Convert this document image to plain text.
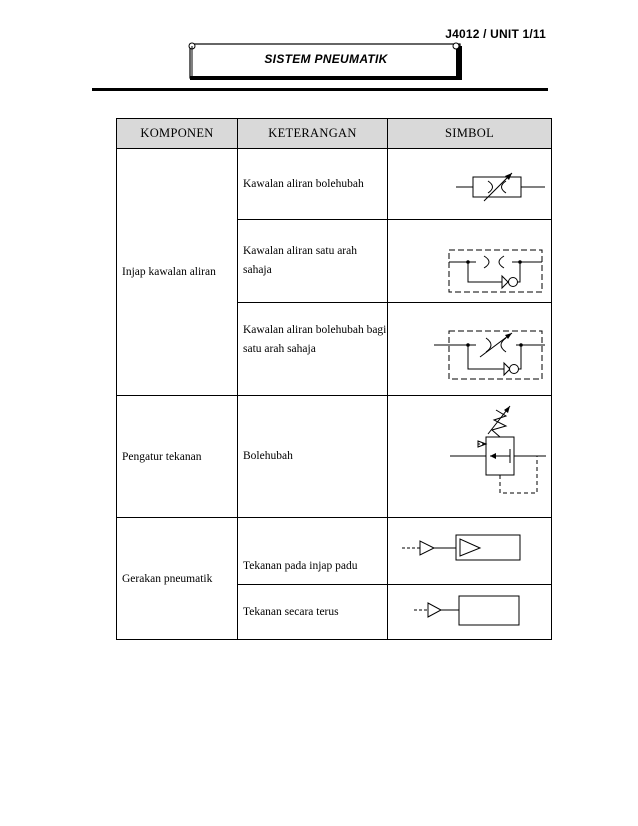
J4012 / UNIT 1/11
SISTEM PNEUMATIK
KOMPONEN	KETERANGAN	SIMBOL
Injap kawalan aliran	Kawalan aliran bolehubah	

	Kawalan aliran satu arah sahaja	

	Kawalan aliran bolehubah bagi satu arah sahaja	

Pengatur tekanan	Bolehubah	

Gerakan pneumatik	Tekanan pada injap padu	

	Tekanan secara terus	
